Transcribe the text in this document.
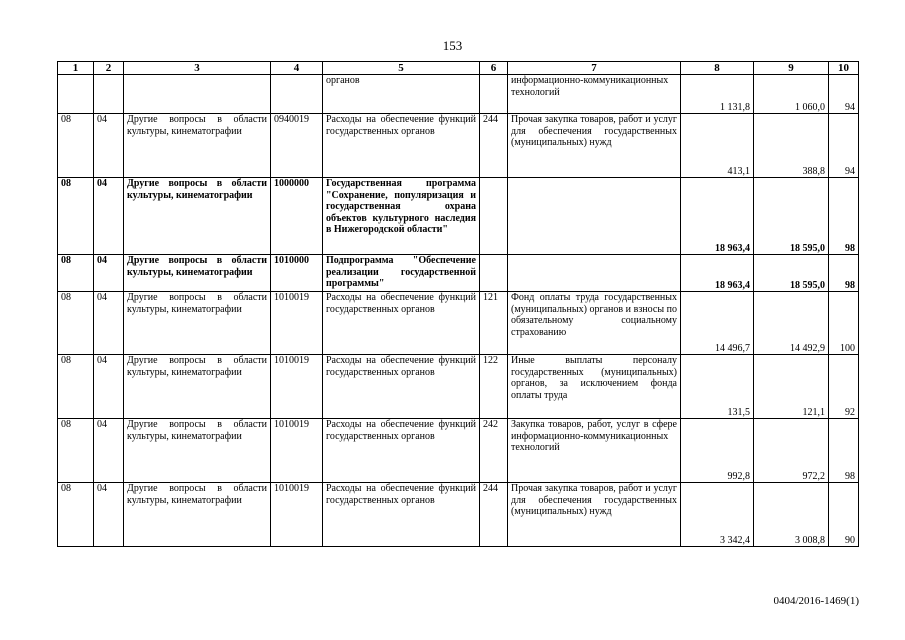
153
1	2	3	4	5	6	7	8	9	10
				органов		информационно-коммуникационных технологий	1 131,8	1 060,0	94
08	04	Другие вопросы в области культуры, кинематографии	0940019	Расходы на обеспечение функций государственных органов	244	Прочая закупка товаров, работ и услуг для обеспечения государственных (муниципальных) нужд	413,1	388,8	94
08	04	Другие вопросы в области культуры, кинематографии	1000000	Государственная программа "Сохранение, популяризация и государственная охрана объектов культурного наследия в Нижегородской области"			18 963,4	18 595,0	98
08	04	Другие вопросы в области культуры, кинематографии	1010000	Подпрограмма "Обеспечение реализации государственной программы"			18 963,4	18 595,0	98
08	04	Другие вопросы в области культуры, кинематографии	1010019	Расходы на обеспечение функций государственных органов	121	Фонд оплаты труда государственных (муниципальных) органов и взносы по обязательному социальному страхованию	14 496,7	14 492,9	100
08	04	Другие вопросы в области культуры, кинематографии	1010019	Расходы на обеспечение функций государственных органов	122	Иные выплаты персоналу государственных (муниципальных) органов, за исключением фонда оплаты труда	131,5	121,1	92
08	04	Другие вопросы в области культуры, кинематографии	1010019	Расходы на обеспечение функций государственных органов	242	Закупка товаров, работ, услуг в сфере информационно-коммуникационных технологий	992,8	972,2	98
08	04	Другие вопросы в области культуры, кинематографии	1010019	Расходы на обеспечение функций государственных органов	244	Прочая закупка товаров, работ и услуг для обеспечения государственных (муниципальных) нужд	3 342,4	3 008,8	90
0404/2016-1469(1)
